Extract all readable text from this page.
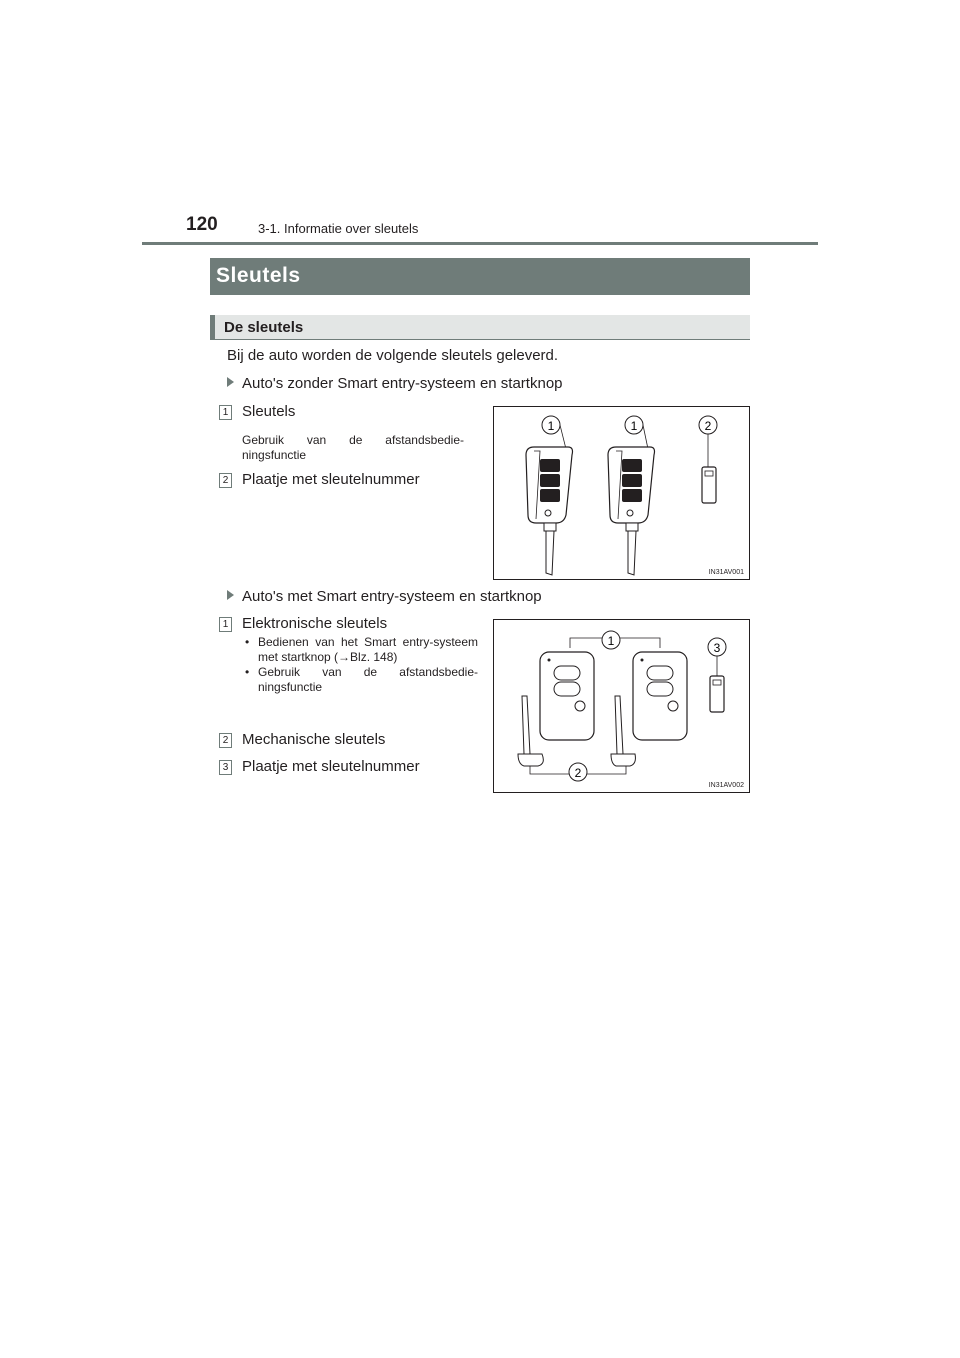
120	3-1. Informatie over sleutels
Sleutels
De sleutels
Bij de auto worden de volgende sleutels geleverd.
Auto's zonder Smart entry-systeem en startknop
1 Sleutels
Gebruik van de afstandsbedie-ningsfunctie
2 Plaatje met sleutelnummer
1	1	2
IN31AV001
Auto's met Smart entry-systeem en startknop
1 Elektronische sleutels
• Bedienen van het Smart entry-systeem met startknop (→Blz. 148)
• Gebruik van de afstandsbedie-ningsfunctie
2 Mechanische sleutels
3 Plaatje met sleutelnummer
1	3
2
IN31AV002
